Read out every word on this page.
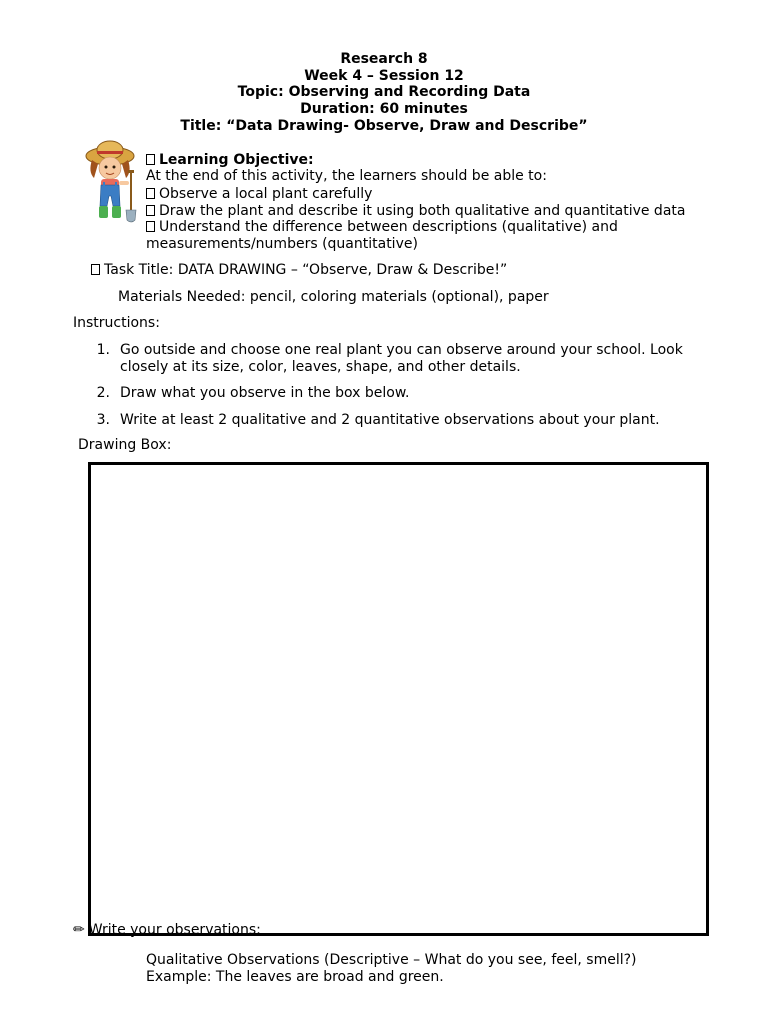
Research 8
Week 4 – Session 12
Topic: Observing and Recording Data
Duration: 60 minutes
Title: “Data Drawing- Observe, Draw and Describe”
Learning Objective:
At the end of this activity, the learners should be able to:
Observe a local plant carefully
Draw the plant and describe it using both qualitative and quantitative data
Understand the difference between descriptions (qualitative) and
measurements/numbers (quantitative)
Task Title: DATA DRAWING – “Observe, Draw & Describe!”
Materials Needed: pencil, coloring materials (optional), paper
Instructions:
1. Go outside and choose one real plant you can observe around your school. Look
closely at its size, color, leaves, shape, and other details.
2. Draw what you observe in the box below.
3. Write at least 2 qualitative and 2 quantitative observations about your plant.
Drawing Box:
✏ Write your observations:
Qualitative Observations (Descriptive – What do you see, feel, smell?)
Example: The leaves are broad and green.
